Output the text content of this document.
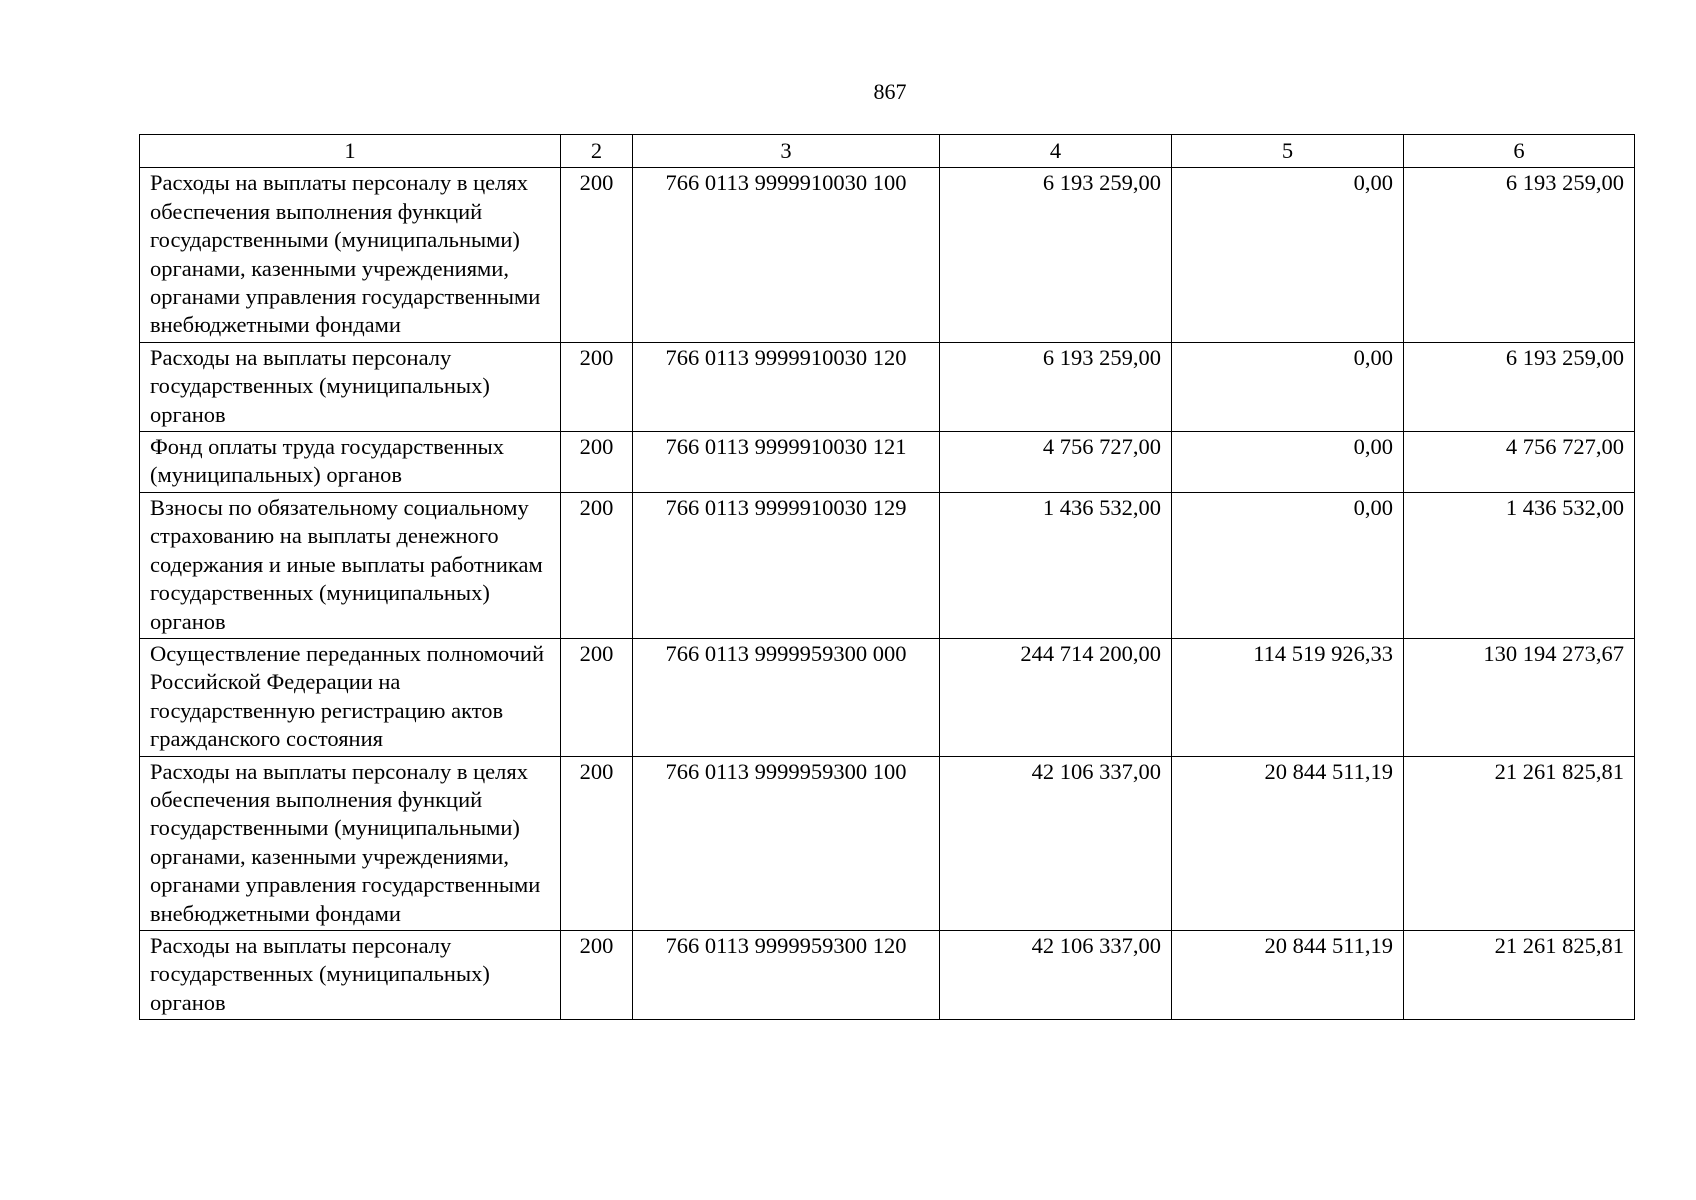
867
1	2	3	4	5	6
Расходы на выплаты персоналу в целях обеспечения выполнения функций государственными (муниципальными) органами, казенными учреждениями, органами управления государственными внебюджетными фондами	200	766 0113 9999910030 100	6 193 259,00	0,00	6 193 259,00
Расходы на выплаты персоналу государственных (муниципальных) органов	200	766 0113 9999910030 120	6 193 259,00	0,00	6 193 259,00
Фонд оплаты труда государственных (муниципальных) органов	200	766 0113 9999910030 121	4 756 727,00	0,00	4 756 727,00
Взносы по обязательному социальному страхованию на выплаты денежного содержания и иные выплаты работникам государственных (муниципальных) органов	200	766 0113 9999910030 129	1 436 532,00	0,00	1 436 532,00
Осуществление переданных полномочий Российской Федерации на государственную регистрацию актов гражданского состояния	200	766 0113 9999959300 000	244 714 200,00	114 519 926,33	130 194 273,67
Расходы на выплаты персоналу в целях обеспечения выполнения функций государственными (муниципальными) органами, казенными учреждениями, органами управления государственными внебюджетными фондами	200	766 0113 9999959300 100	42 106 337,00	20 844 511,19	21 261 825,81
Расходы на выплаты персоналу государственных (муниципальных) органов	200	766 0113 9999959300 120	42 106 337,00	20 844 511,19	21 261 825,81
